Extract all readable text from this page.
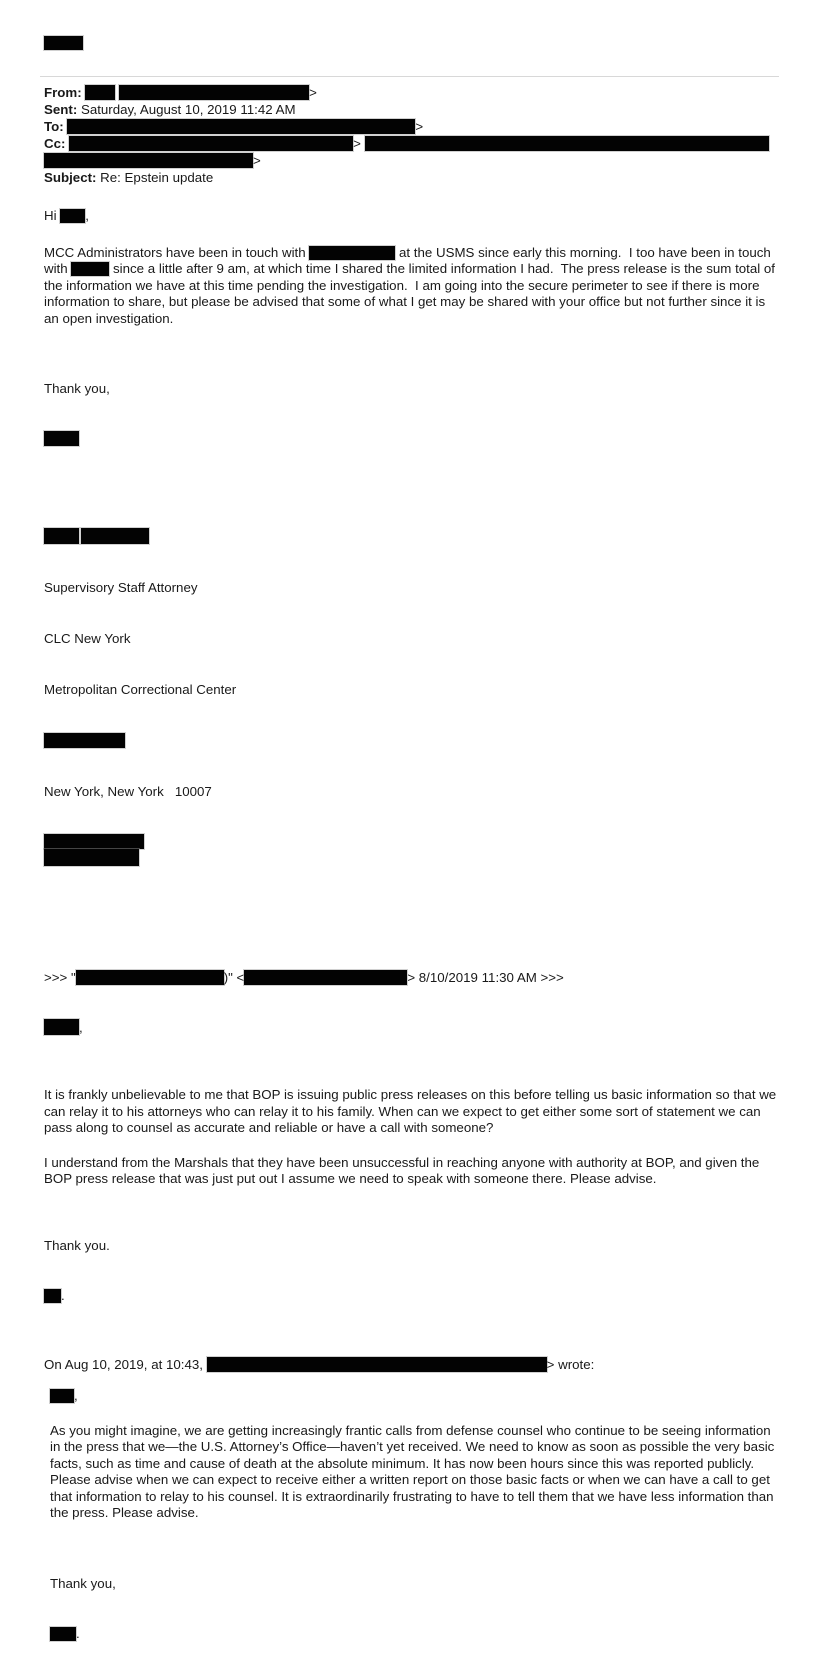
From:	>
Sent: Saturday, August 10, 2019 11:42 AM
To:	>
Cc:	>
>
Subject: Re: Epstein update

Hi ,

MCC Administrators have been in touch with	at the USMS since early this morning.  I too have been in touch with	since a little after 9 am, at which time I shared the limited information I had.  The press release is the sum total of the information we have at this time pending the investigation.  I am going into the secure perimeter to see if there is more information to share, but please be advised that some of what I get may be shared with your office but not further since it is an open investigation.

Thank you,

Supervisory Staff Attorney

CLC New York

Metropolitan Correctional Center

New York, New York   10007

>>> "	)" <	> 8/10/2019 11:30 AM >>>

,

It is frankly unbelievable to me that BOP is issuing public press releases on this before telling us basic information so that we can relay it to his attorneys who can relay it to his family. When can we expect to get either some sort of statement we can pass along to counsel as accurate and reliable or have a call with someone?

I understand from the Marshals that they have been unsuccessful in reaching anyone with authority at BOP, and given the BOP press release that was just put out I assume we need to speak with someone there. Please advise.

Thank you.

.

On Aug 10, 2019, at 10:43,	> wrote:

,

As you might imagine, we are getting increasingly frantic calls from defense counsel who continue to be seeing information in the press that we—the U.S. Attorney’s Office—haven’t yet received. We need to know as soon as possible the very basic facts, such as time and cause of death at the absolute minimum. It has now been hours since this was reported publicly. Please advise when we can expect to receive either a written report on those basic facts or when we can have a call to get that information to relay to his counsel. It is extraordinarily frustrating to have to tell them that we have less information than the press. Please advise.

Thank you,

.
